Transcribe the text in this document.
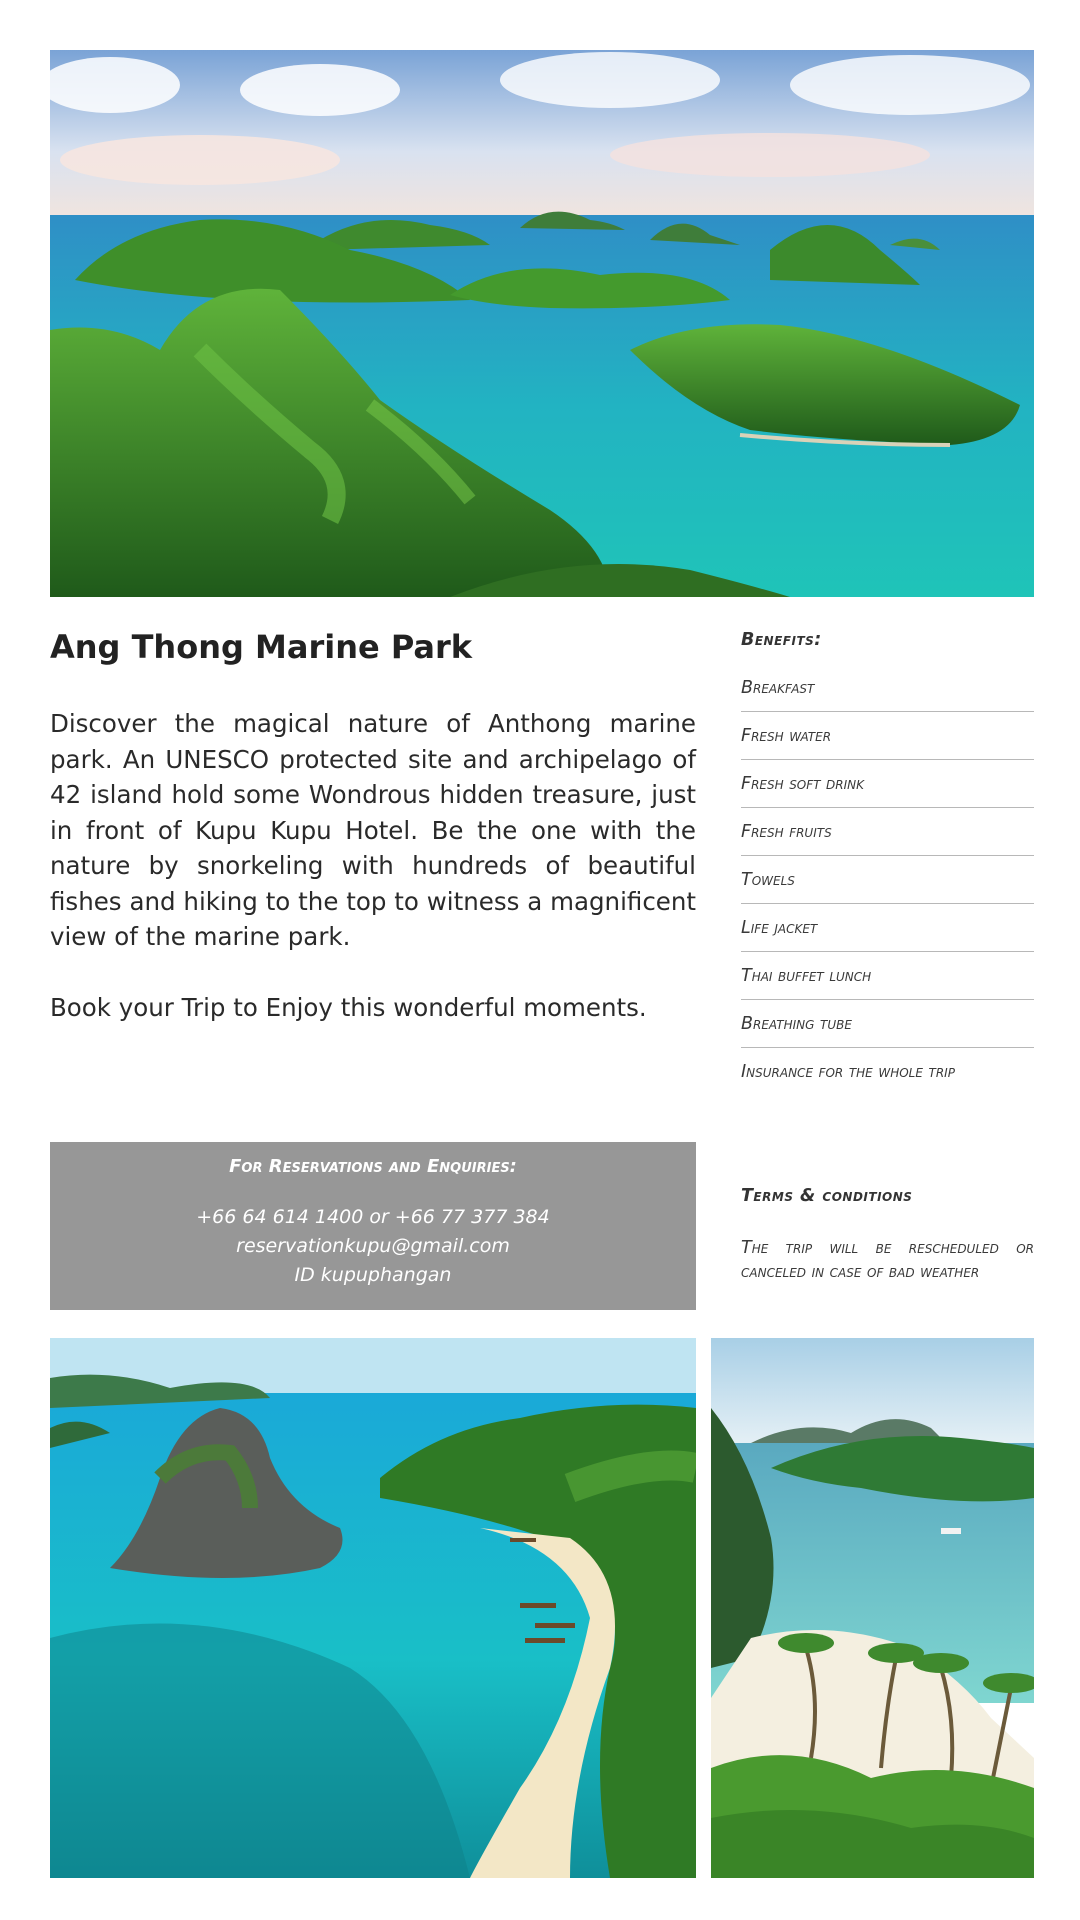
Ang Thong Marine Park

Discover the magical nature of Anthong marine park. An UNESCO protected site and archipelago of 42 island hold some Wondrous hidden treasure, just in front of Kupu Kupu Hotel. Be the one with the nature by snorkeling with hundreds of beautiful fishes and hiking to the top to witness a magnificent view of the marine park.

Book your Trip to Enjoy this wonderful moments.

Benefits:

Breakfast
Fresh water
Fresh soft drink
Fresh fruits
Towels
Life jacket
Thai buffet lunch
Breathing tube
Insurance for the whole trip

For Reservations and Enquiries:

+66 64 614 1400 or +66 77 377 384

reservationkupu@gmail.com

ID kupuphangan

Terms & conditions

The trip will be rescheduled or canceled in case of bad weather
